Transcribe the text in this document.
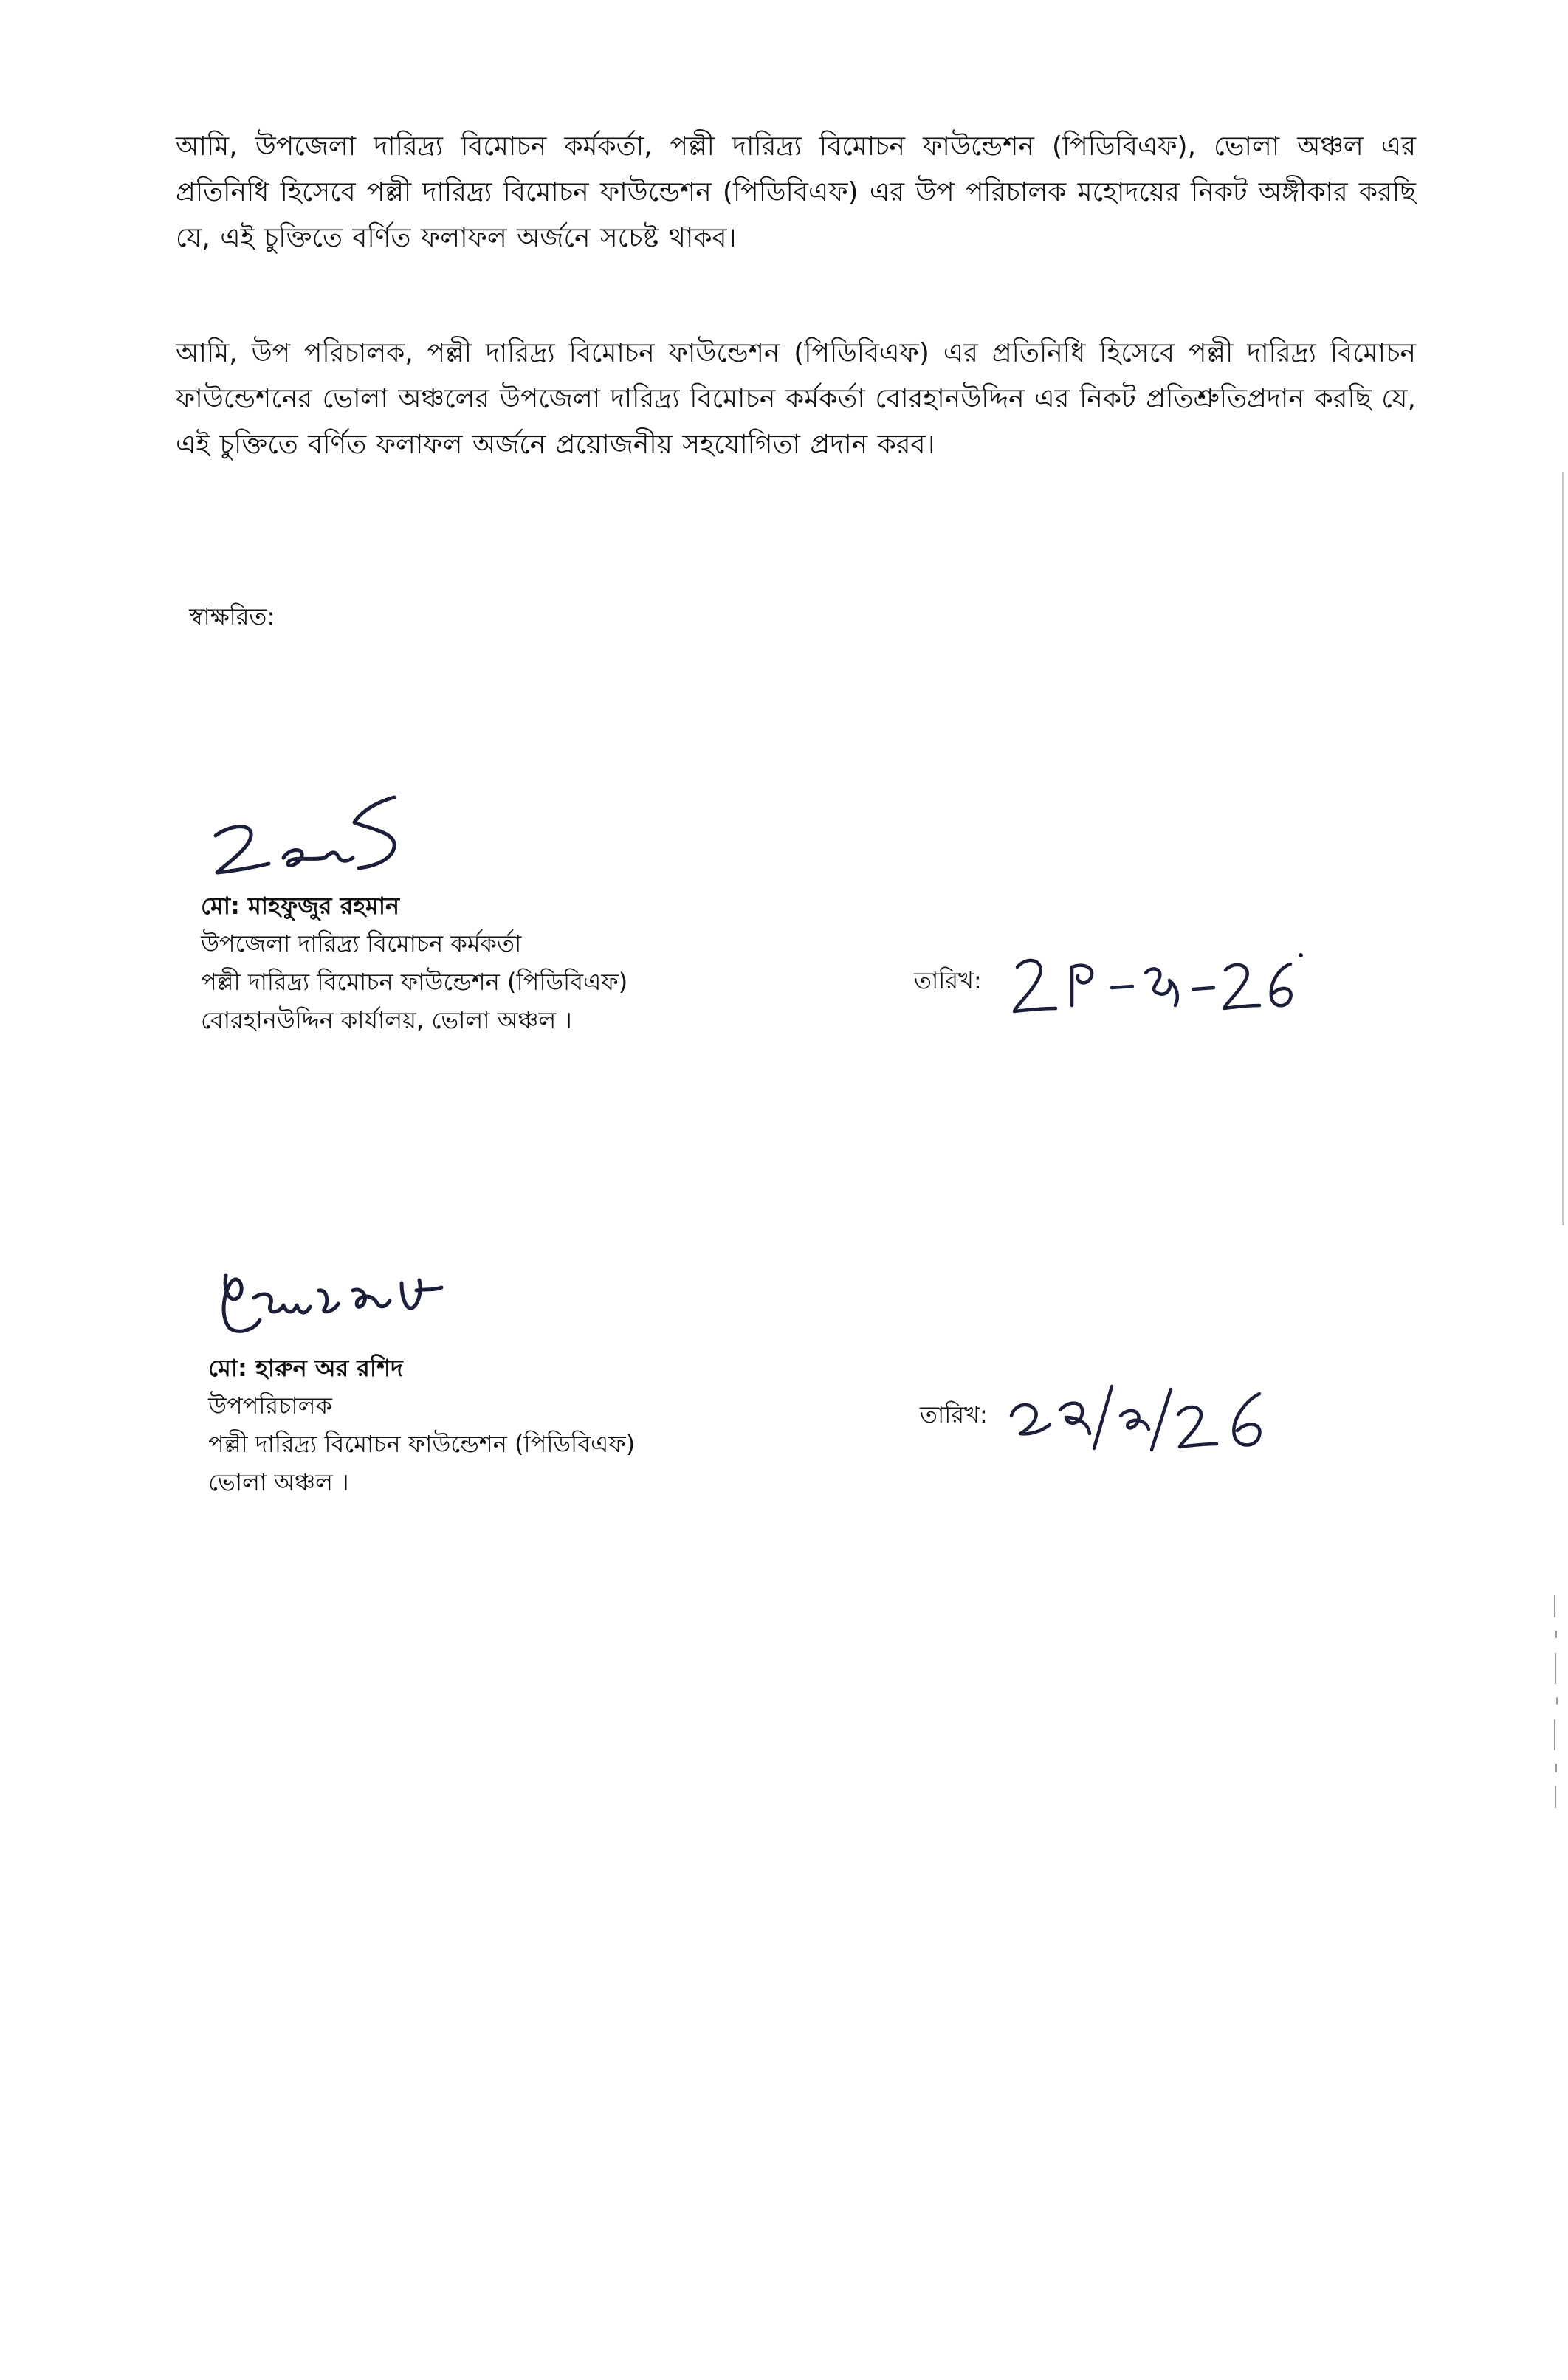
আমি, উপজেলা দারিদ্র্য বিমোচন কর্মকর্তা, পল্লী দারিদ্র্য বিমোচন ফাউন্ডেশন (পিডিবিএফ), ভোলা অঞ্চল এর প্রতিনিধি হিসেবে পল্লী দারিদ্র্য বিমোচন ফাউন্ডেশন (পিডিবিএফ) এর উপ পরিচালক মহোদয়ের নিকট অঙ্গীকার করছি যে, এই চুক্তিতে বর্ণিত ফলাফল অর্জনে সচেষ্ট থাকব।

আমি, উপ পরিচালক, পল্লী দারিদ্র্য বিমোচন ফাউন্ডেশন (পিডিবিএফ) এর প্রতিনিধি হিসেবে পল্লী দারিদ্র্য বিমোচন ফাউন্ডেশনের ভোলা অঞ্চলের উপজেলা দারিদ্র্য বিমোচন কর্মকর্তা বোরহানউদ্দিন এর নিকট প্রতিশ্রুতিপ্রদান করছি যে, এই চুক্তিতে বর্ণিত ফলাফল অর্জনে প্রয়োজনীয় সহযোগিতা প্রদান করব।

স্বাক্ষরিত:

মো: মাহফুজুর রহমান

উপজেলা দারিদ্র্য বিমোচন কর্মকর্তা

পল্লী দারিদ্র্য বিমোচন ফাউন্ডেশন (পিডিবিএফ)

বোরহানউদ্দিন কার্যালয়, ভোলা অঞ্চল ।

তারিখ:

মো: হারুন অর রশিদ

উপপরিচালক

পল্লী দারিদ্র্য বিমোচন ফাউন্ডেশন (পিডিবিএফ)

ভোলা অঞ্চল ।

তারিখ:
